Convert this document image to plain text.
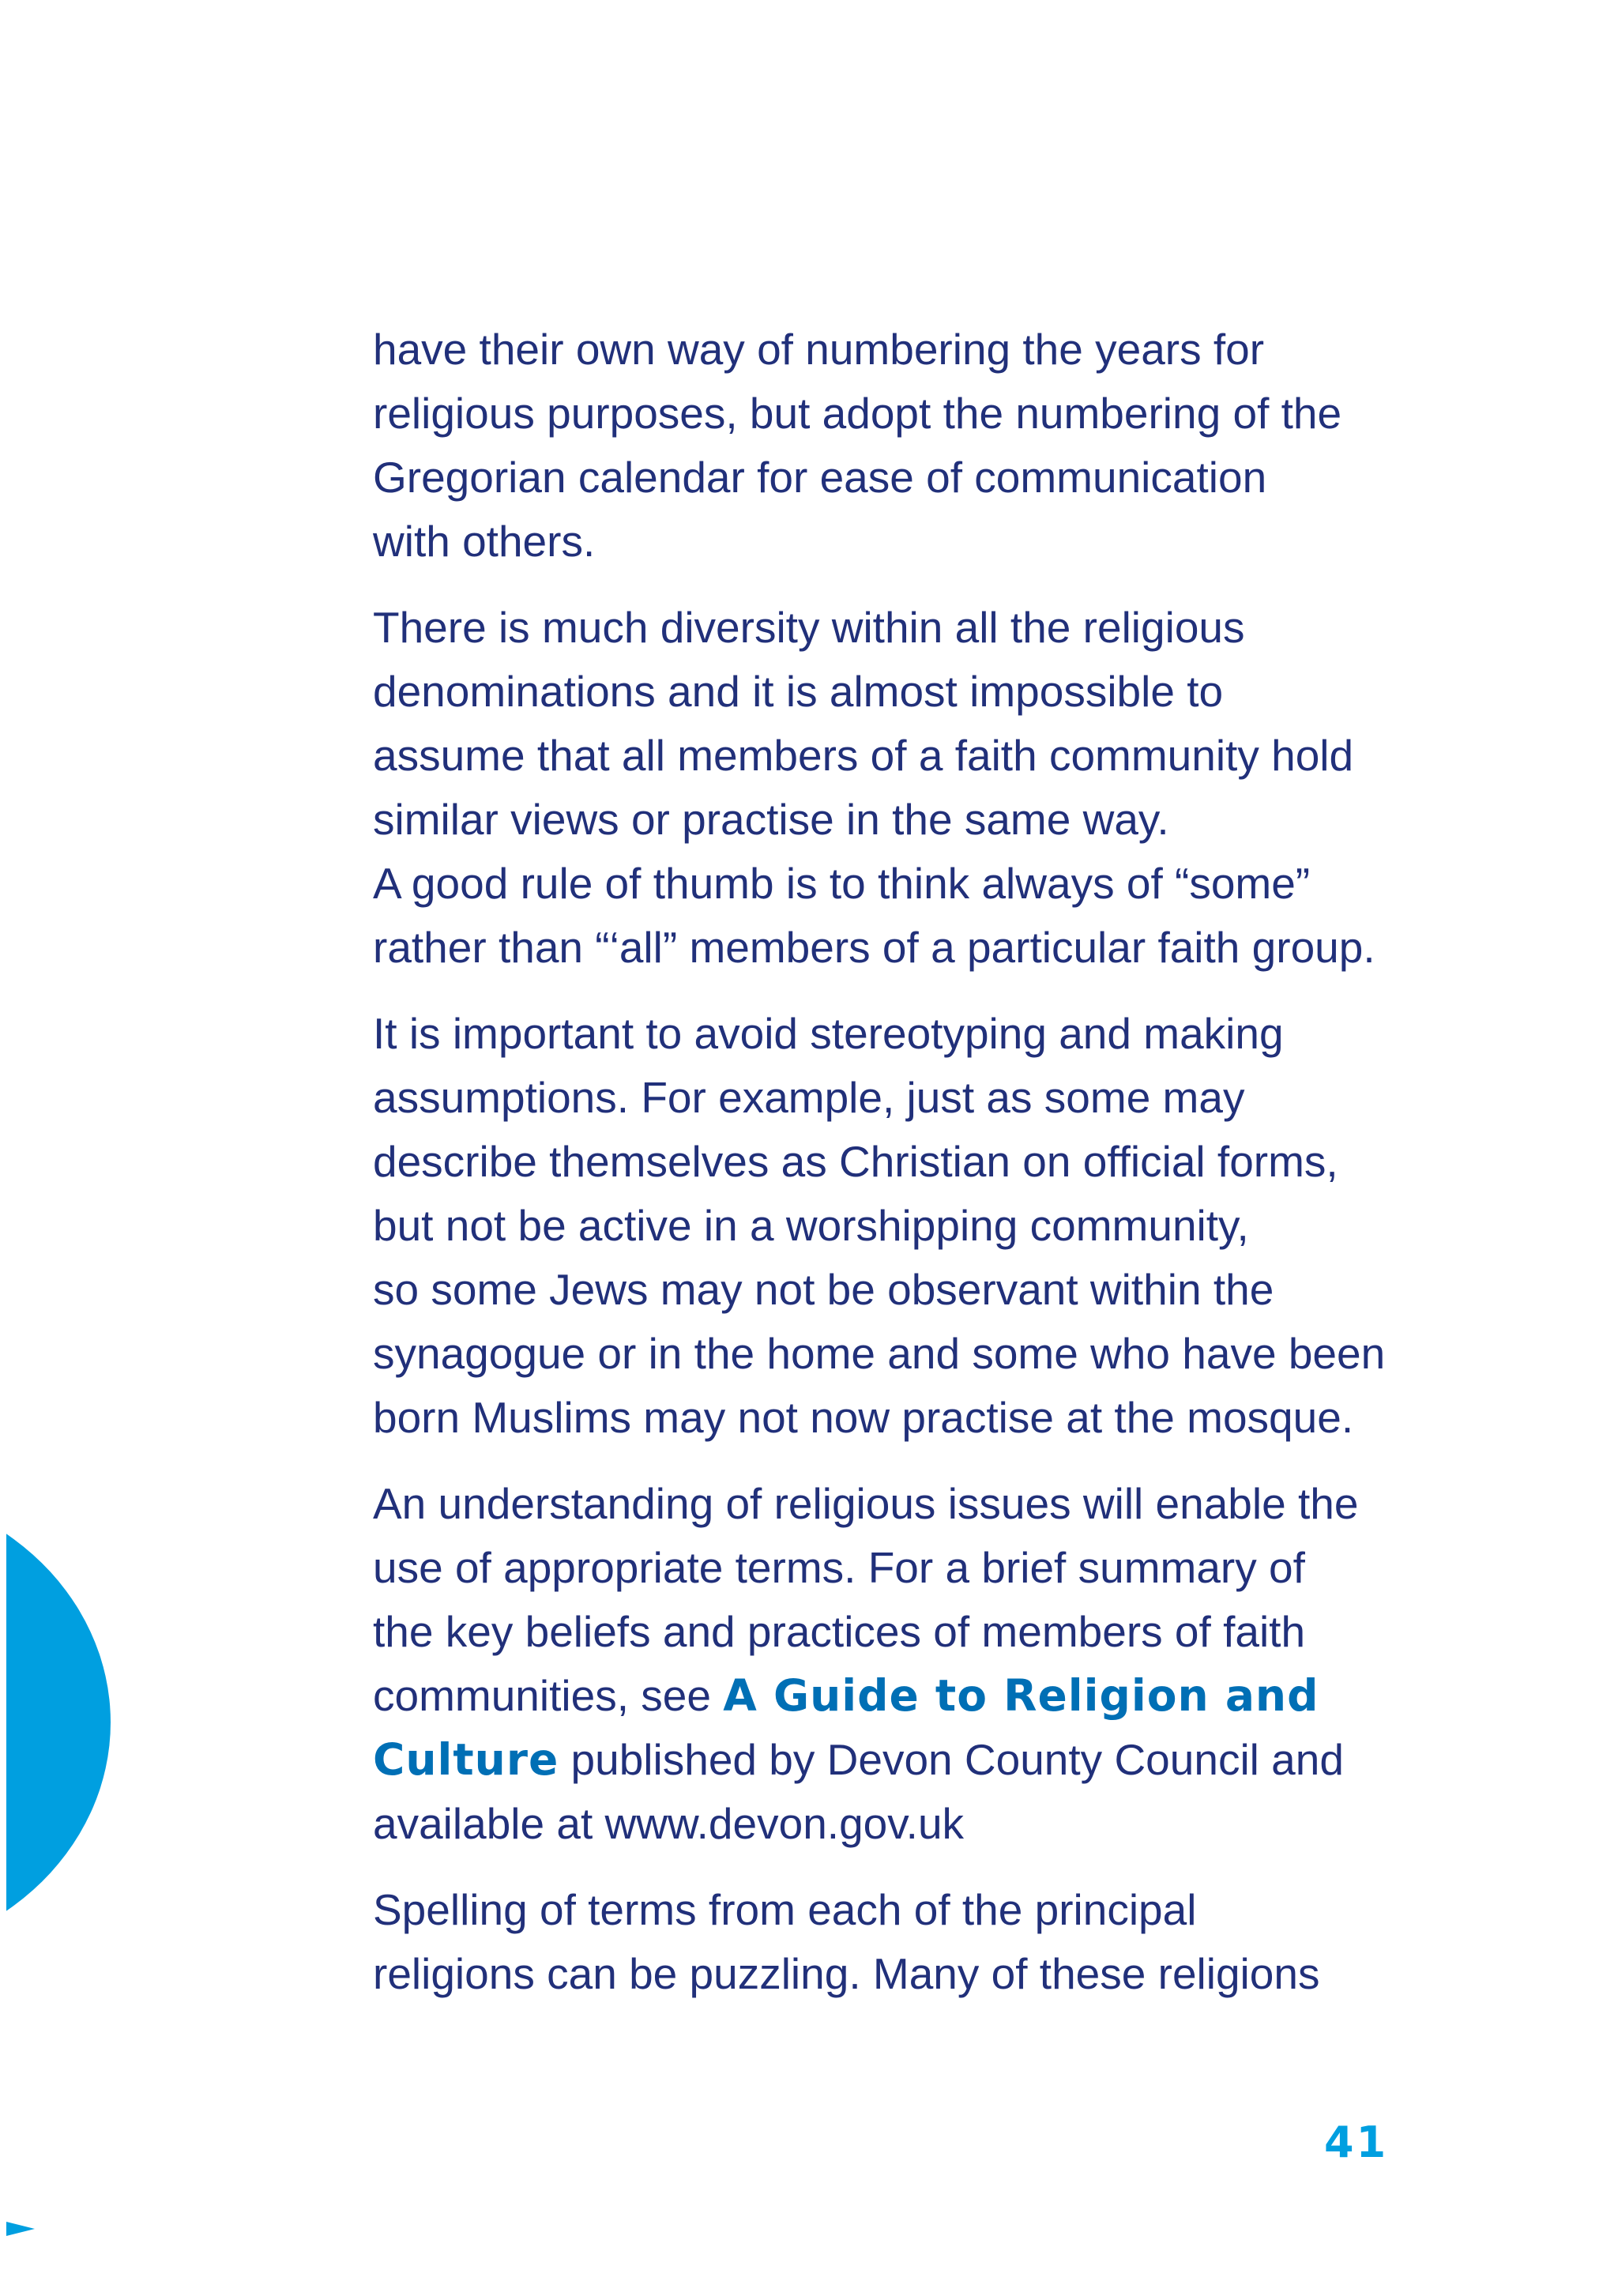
have their own way of numbering the years for
religious purposes, but adopt the numbering of the
Gregorian calendar for ease of communication
with others.

There is much diversity within all the religious
denominations and it is almost impossible to
assume that all members of a faith community hold
similar views or practise in the same way.
A good rule of thumb is to think always of “some”
rather than “‘all” members of a particular faith group.

It is important to avoid stereotyping and making
assumptions. For example, just as some may
describe themselves as Christian on official forms,
but not be active in a worshipping community,
so some Jews may not be observant within the
synagogue or in the home and some who have been
born Muslims may not now practise at the mosque.

An understanding of religious issues will enable the
use of appropriate terms. For a brief summary of
the key beliefs and practices of members of faith
communities, see A Guide to Religion and
Culture published by Devon County Council and
available at www.devon.gov.uk

Spelling of terms from each of the principal
religions can be puzzling. Many of these religions

41
